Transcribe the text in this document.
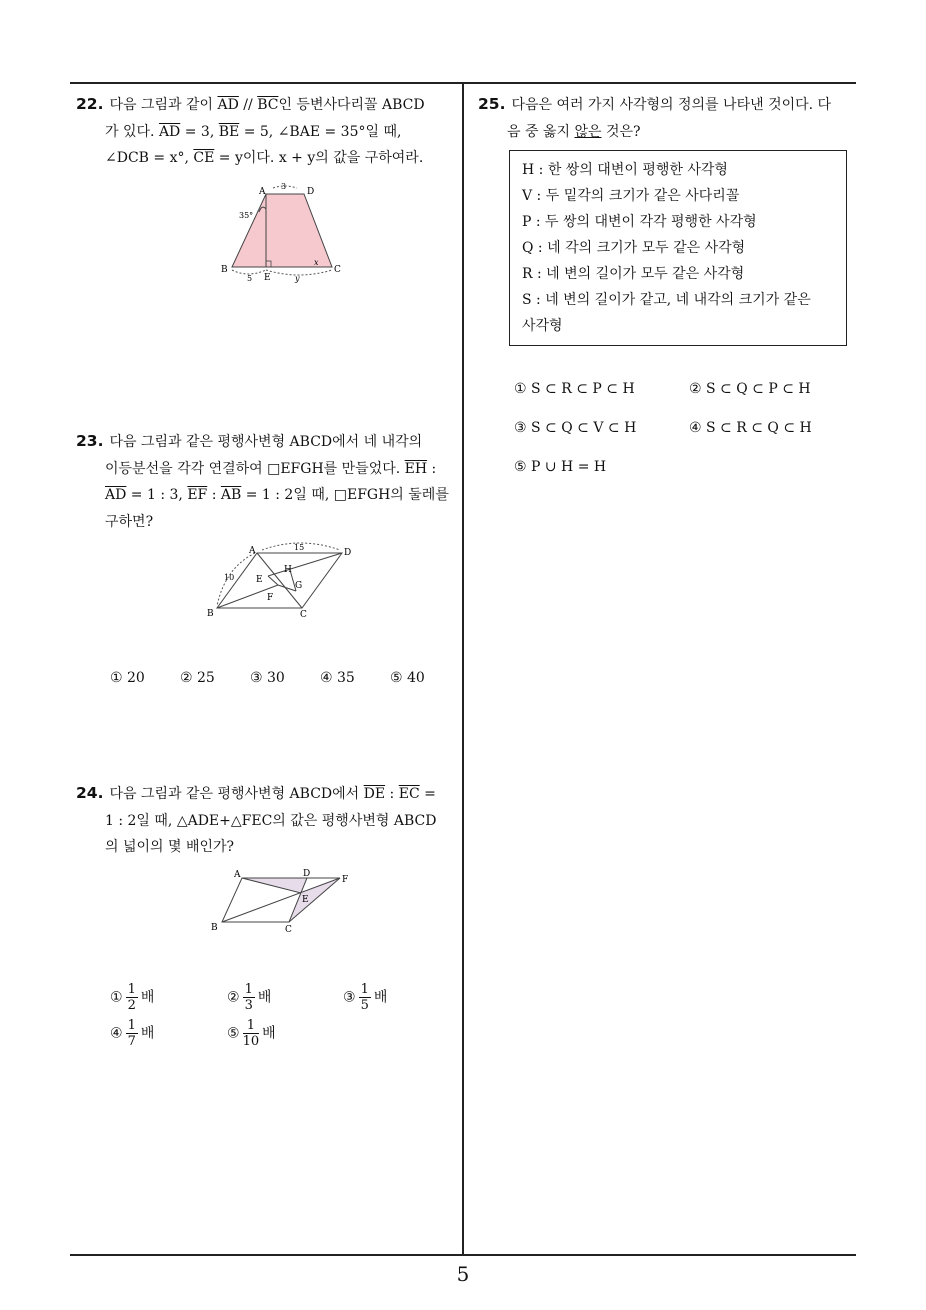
5
22. 다음 그림과 같이 $\overline{AD} // \overline{BC}$인 등변사다리꼴 ABCD
가 있다. $\overline{AD} = 3$, $\overline{BE} = 5$, ∠BAE = 35°일 때,
∠DCB = x°, $\overline{CE} = y$이다. x + y의 값을 구하여라.
A	D
B	C
E
3
35°
5	y
x
23. 다음 그림과 같은 평행사변형 ABCD에서 네 내각의
이등분선을 각각 연결하여 □EFGH를 만들었다. $\overline{EH}$ :
$\overline{AD} = 1$ : 3, $\overline{EF}$ : $\overline{AB} = 1$ : 2일 때, □EFGH의 둘레를
구하면?
A	D
B	C
E
F
G
H
15
10
① 20	② 25	③ 30	④ 35	⑤ 40
24. 다음 그림과 같은 평행사변형 ABCD에서 $\overline{DE}$ : $\overline{EC}$ =
1 : 2일 때, △ADE+△FEC의 값은 평행사변형 ABCD
의 넓이의 몇 배인가?
A	D
F
E
B	C
① $\frac{1}{2}$ 배	② $\frac{1}{3}$ 배	③ $\frac{1}{5}$ 배
④ $\frac{1}{7}$ 배	⑤ $\frac{1}{10}$ 배
25. 다음은 여러 가지 사각형의 정의를 나타낸 것이다. 다
음 중 옳지 않은 것은?
H : 한 쌍의 대변이 평행한 사각형
V : 두 밑각의 크기가 같은 사다리꼴
P : 두 쌍의 대변이 각각 평행한 사각형
Q : 네 각의 크기가 모두 같은 사각형
R : 네 변의 길이가 모두 같은 사각형
S : 네 변의 길이가 같고, 네 내각의 크기가 같은
사각형
① S ⊂ R ⊂ P ⊂ H	② S ⊂ Q ⊂ P ⊂ H
③ S ⊂ Q ⊂ V ⊂ H	④ S ⊂ R ⊂ Q ⊂ H
⑤ P ∪ H = H
